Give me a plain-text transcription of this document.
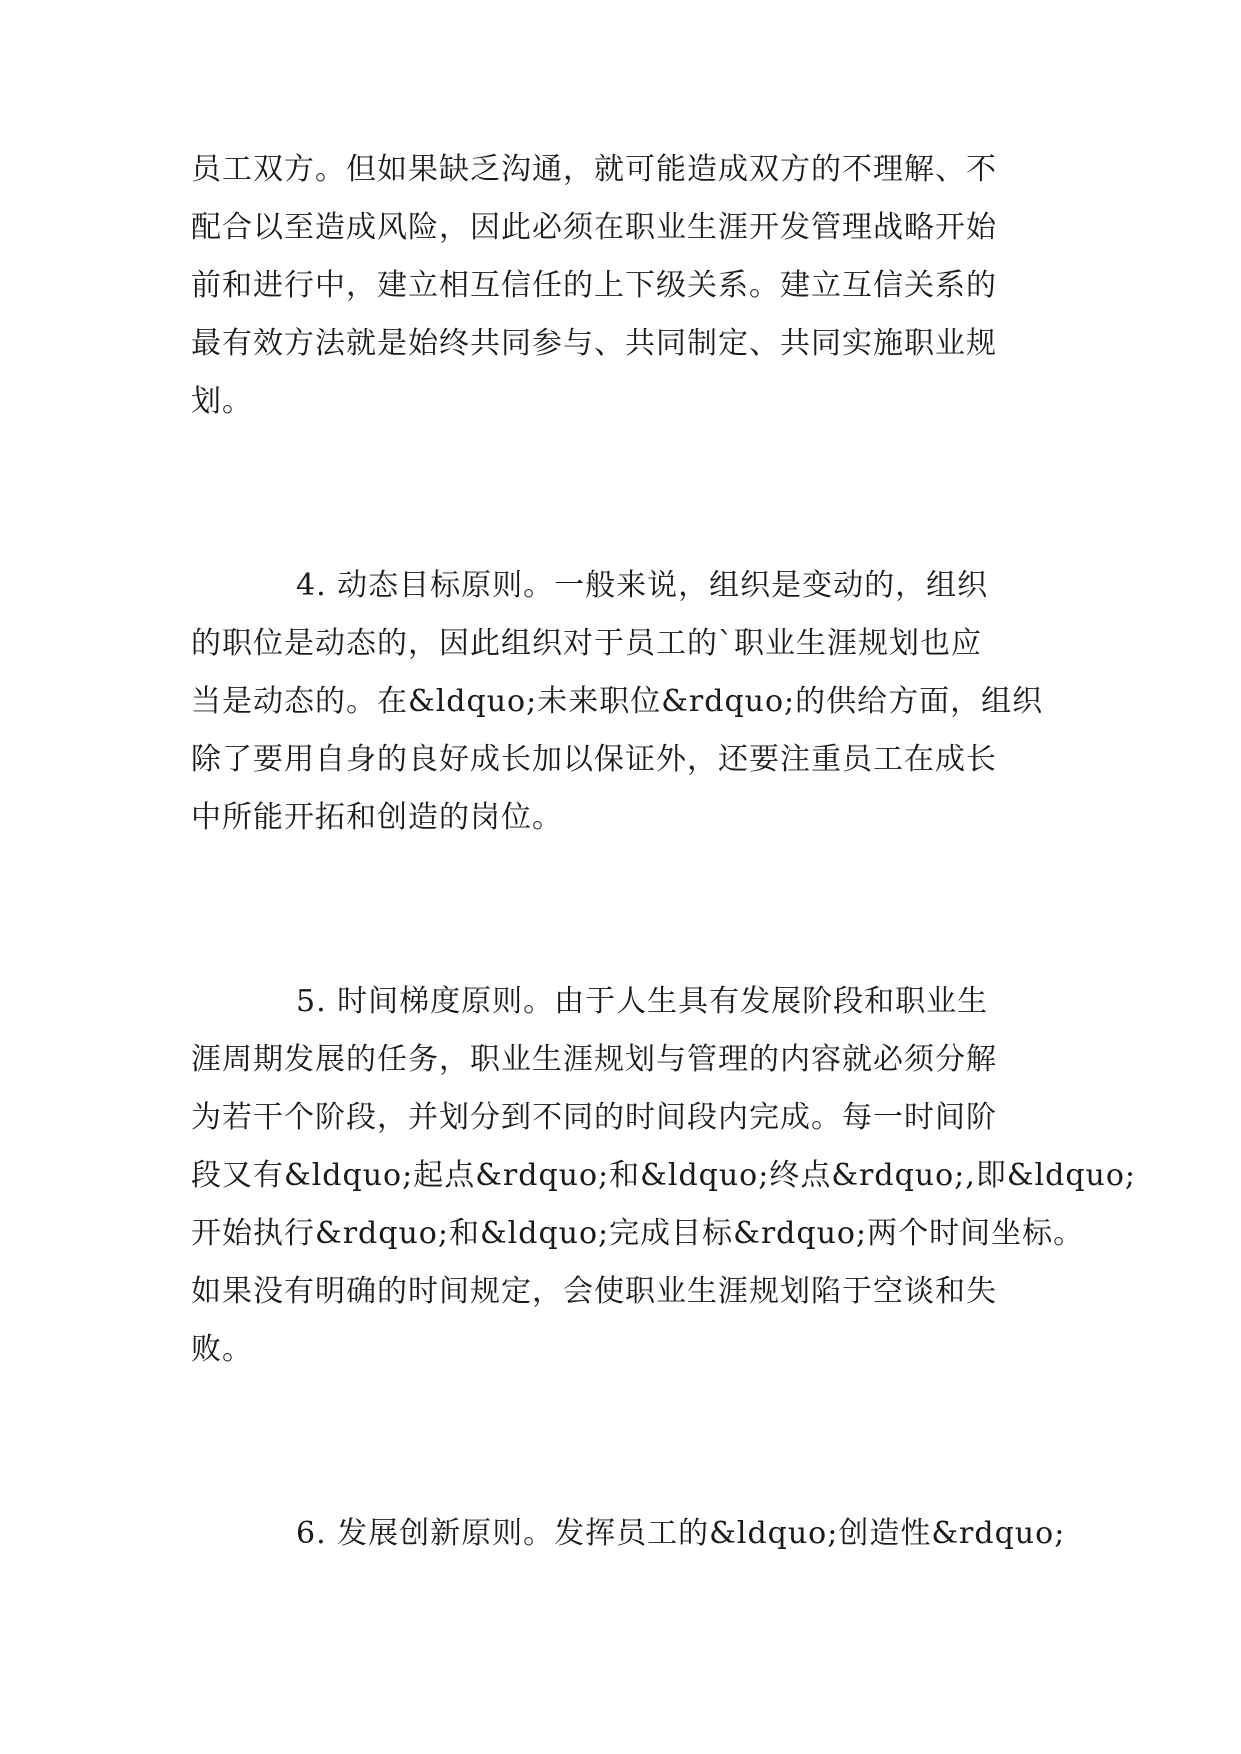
员工双方。但如果缺乏沟通，就可能造成双方的不理解、不
配合以至造成风险，因此必须在职业生涯开发管理战略开始
前和进行中，建立相互信任的上下级关系。建立互信关系的
最有效方法就是始终共同参与、共同制定、共同实施职业规
划。
4. 动态目标原则。一般来说，组织是变动的，组织
的职位是动态的，因此组织对于员工的`职业生涯规划也应
当是动态的。在&ldquo;未来职位&rdquo;的供给方面，组织
除了要用自身的良好成长加以保证外，还要注重员工在成长
中所能开拓和创造的岗位。
5. 时间梯度原则。由于人生具有发展阶段和职业生
涯周期发展的任务，职业生涯规划与管理的内容就必须分解
为若干个阶段，并划分到不同的时间段内完成。每一时间阶
段又有&ldquo;起点&rdquo;和&ldquo;终点&rdquo;,即&ldquo;
开始执行&rdquo;和&ldquo;完成目标&rdquo;两个时间坐标。
如果没有明确的时间规定，会使职业生涯规划陷于空谈和失
败。
6. 发展创新原则。发挥员工的&ldquo;创造性&rdquo;
